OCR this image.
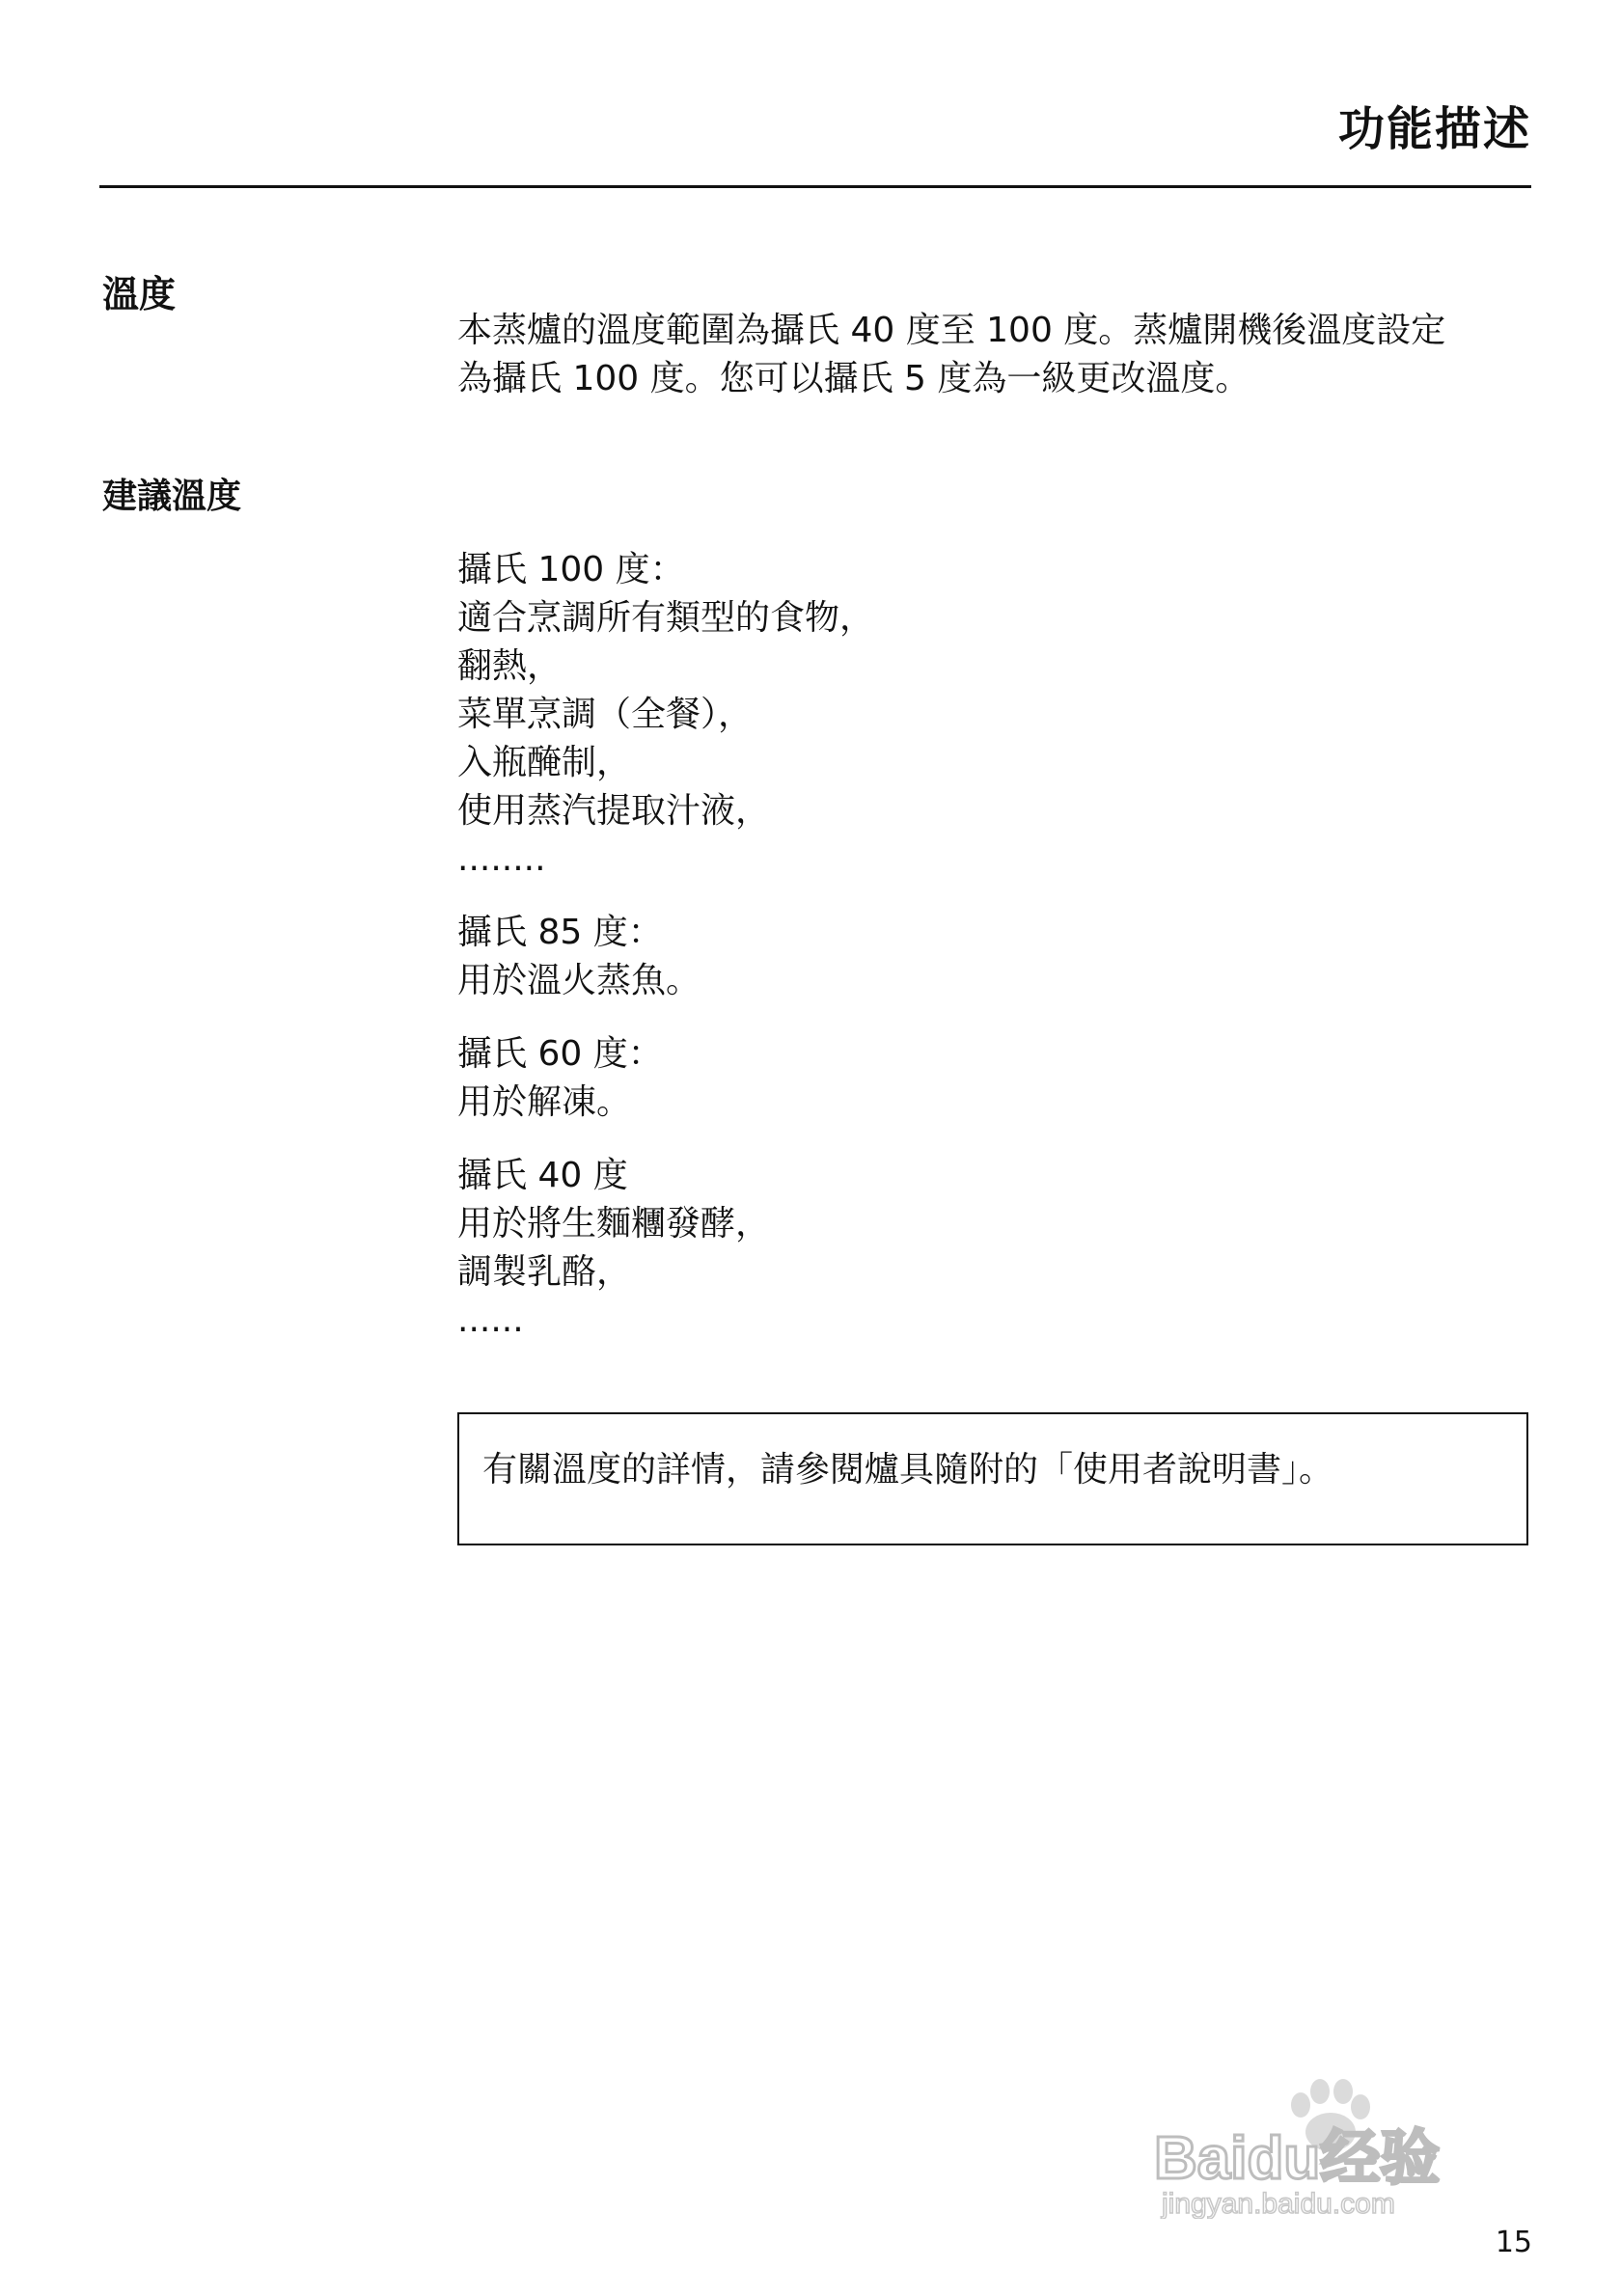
功能描述
溫度
本蒸爐的溫度範圍為攝氏 40 度至 100 度。蒸爐開機後溫度設定
為攝氏 100 度。您可以攝氏 5 度為一級更改溫度。
建議溫度
攝氏 100 度：
適合烹調所有類型的食物，
翻熱，
菜單烹調（全餐），
入瓶醃制，
使用蒸汽提取汁液，
........
攝氏 85 度：
用於溫火蒸魚。
攝氏 60 度：
用於解凍。
攝氏 40 度
用於將生麵糰發酵，
調製乳酪，
......
有關溫度的詳情，請參閱爐具隨附的「使用者說明書」。
Baidu经验
jingyan.baidu.com
15
